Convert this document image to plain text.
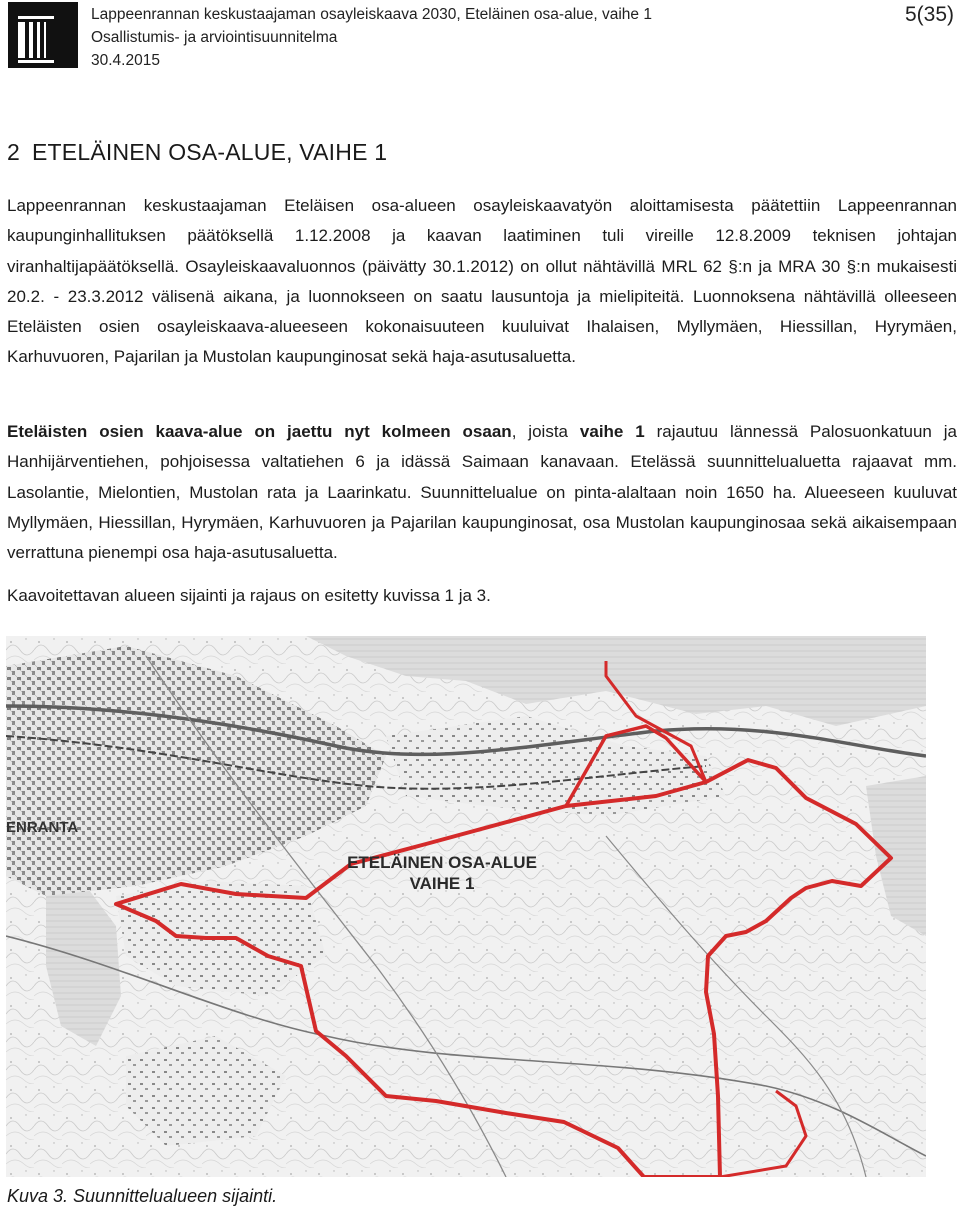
Lappeenrannan keskustaajaman osayleiskaava 2030, Eteläinen osa-alue, vaihe 1
Osallistumis- ja arviointisuunnitelma
30.4.2015
5(35)
2 ETELÄINEN OSA-ALUE, VAIHE 1
Lappeenrannan keskustaajaman Eteläisen osa-alueen osayleiskaavatyön aloittamisesta päätettiin Lappeenrannan kaupunginhallituksen päätöksellä 1.12.2008 ja kaavan laatiminen tuli vireille 12.8.2009 teknisen johtajan viranhaltijapäätöksellä. Osayleiskaavaluonnos (päivätty 30.1.2012) on ollut nähtävillä MRL 62 §:n ja MRA 30 §:n mukaisesti 20.2. - 23.3.2012 välisenä aikana, ja luonnokseen on saatu lausuntoja ja mielipiteitä. Luonnoksena nähtävillä olleeseen Eteläisten osien osayleiskaava-alueeseen kokonaisuuteen kuuluivat Ihalaisen, Myllymäen, Hiessillan, Hyrymäen, Karhuvuoren, Pajarilan ja Mustolan kaupunginosat sekä haja-asutusaluetta.
Eteläisten osien kaava-alue on jaettu nyt kolmeen osaan, joista vaihe 1 rajautuu lännessä Palosuonkatuun ja Hanhijärventiehen, pohjoisessa valtatiehen 6 ja idässä Saimaan kanavaan. Etelässä suunnittelualuetta rajaavat mm. Lasolantie, Mielontien, Mustolan rata ja Laarinkatu. Suunnittelualue on pinta-alaltaan noin 1650 ha. Alueeseen kuuluvat Myllymäen, Hiessillan, Hyrymäen, Karhuvuoren ja Pajarilan kaupunginosat, osa Mustolan kaupunginosaa sekä aikaisempaan verrattuna pienempi osa haja-asutusaluetta.
Kaavoitettavan alueen sijainti ja rajaus on esitetty kuvissa 1 ja 3.
ENRANTA
ETELÄINEN OSA-ALUE
VAIHE 1
Kuva 3. Suunnittelualueen sijainti.
